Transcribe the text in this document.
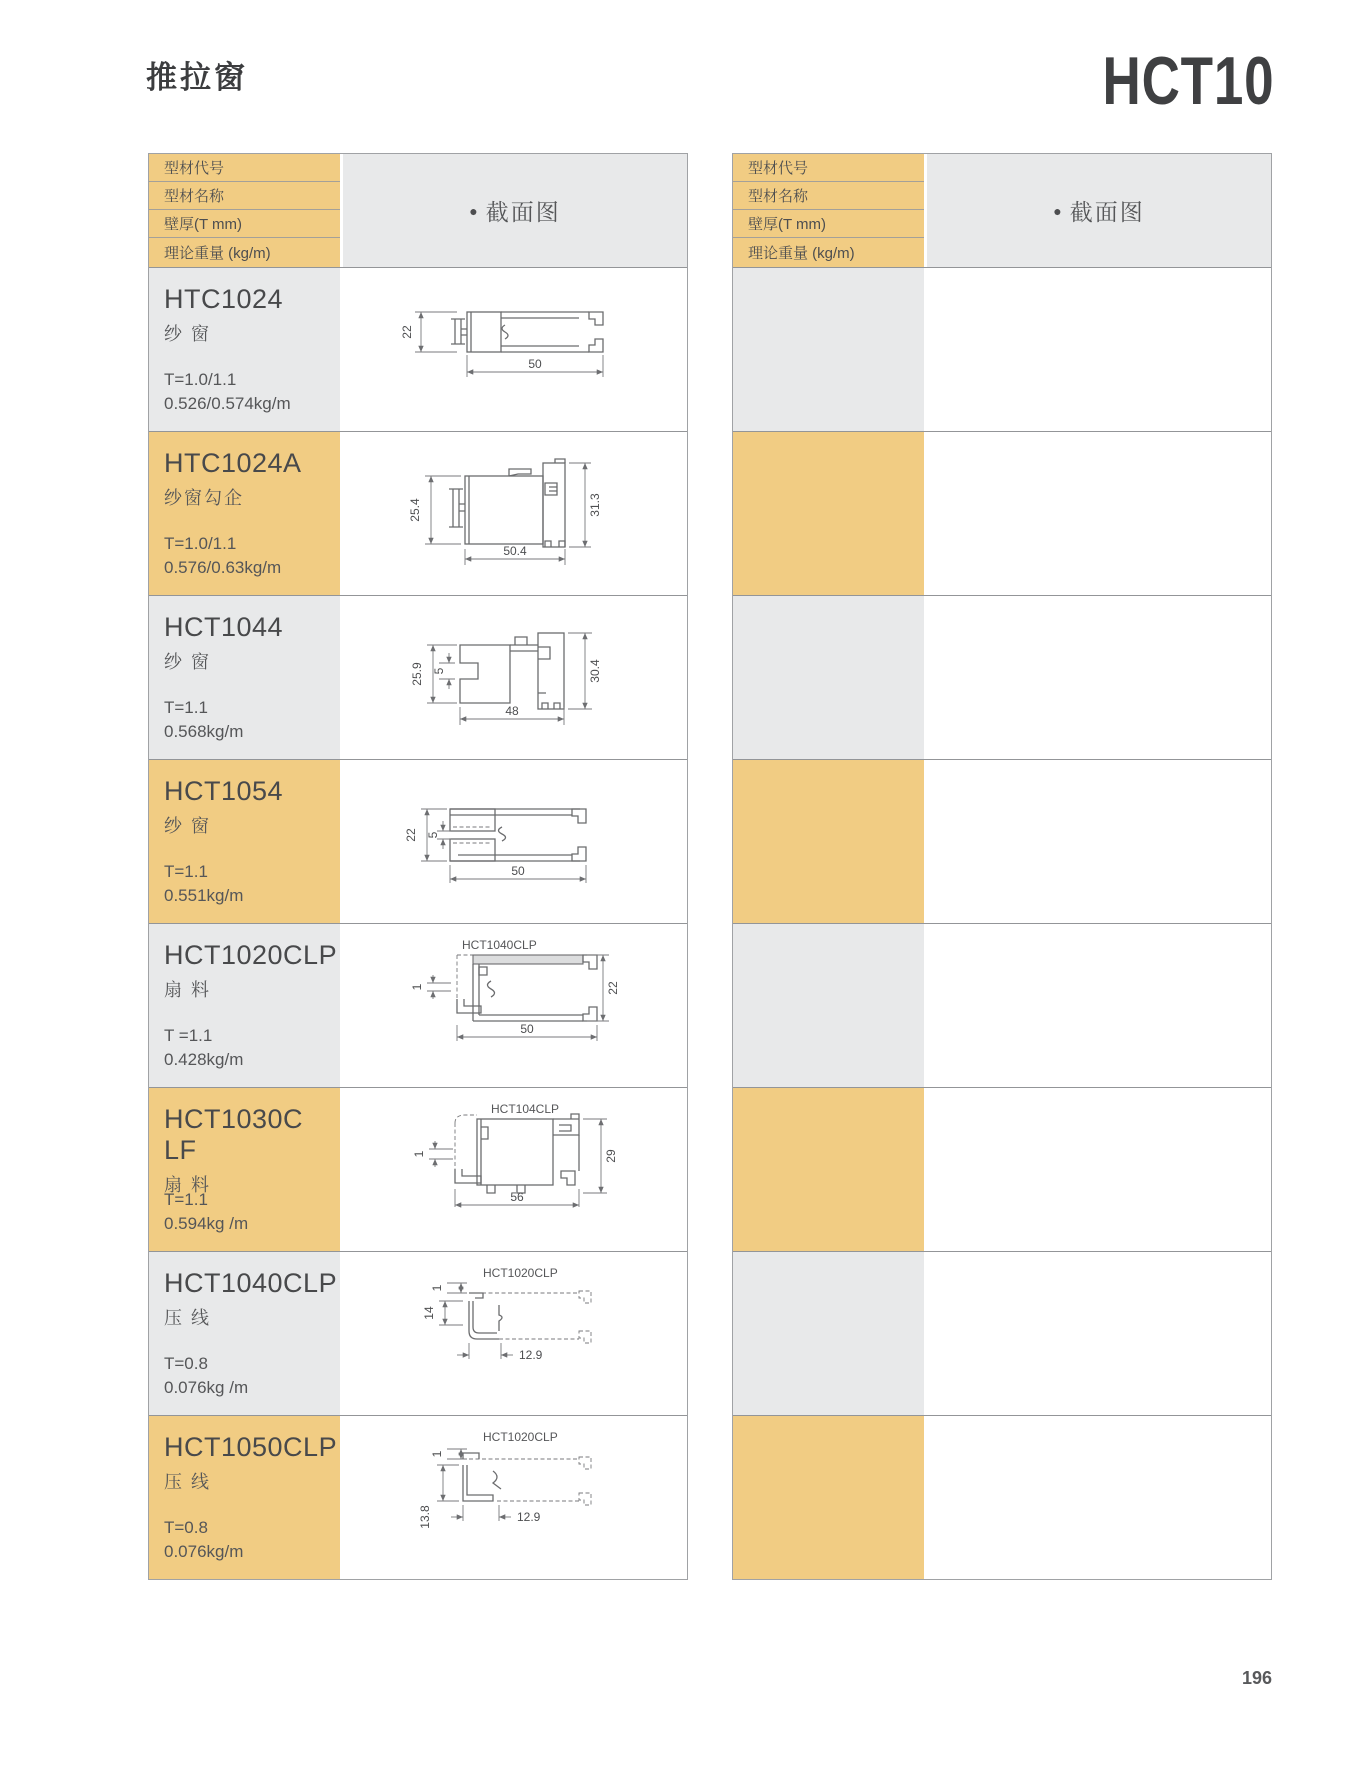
推拉窗	HCT10
型材代号
型材名称
壁厚(T mm)
理论重量 (kg/m)
● 截面图
HTC1024
纱 窗
T=1.0/1.1
0.526/0.574kg/m
22
50
HTC1024A
纱窗勾企
T=1.0/1.1
0.576/0.63kg/m
25.4	31.3
50.4
HCT1044
纱 窗
T=1.1
0.568kg/m
25.9 5	30.4
48
HCT1054
纱 窗
T=1.1
0.551kg/m
22 5
50
HCT1020CLP
扇 料
T =1.1
0.428kg/m
HCT1040CLP
1	22
50
HCT1030C LF
扇 料
T=1.1
0.594kg /m
HCT104CLP
1	29
56
HCT1040CLP
压 线
T=0.8
0.076kg /m
HCT1020CLP
1
14
12.9
HCT1050CLP
压 线
T=0.8
0.076kg/m
HCT1020CLP
1
13.8	12.9
型材代号
型材名称
壁厚(T mm)
理论重量 (kg/m)
● 截面图
196
